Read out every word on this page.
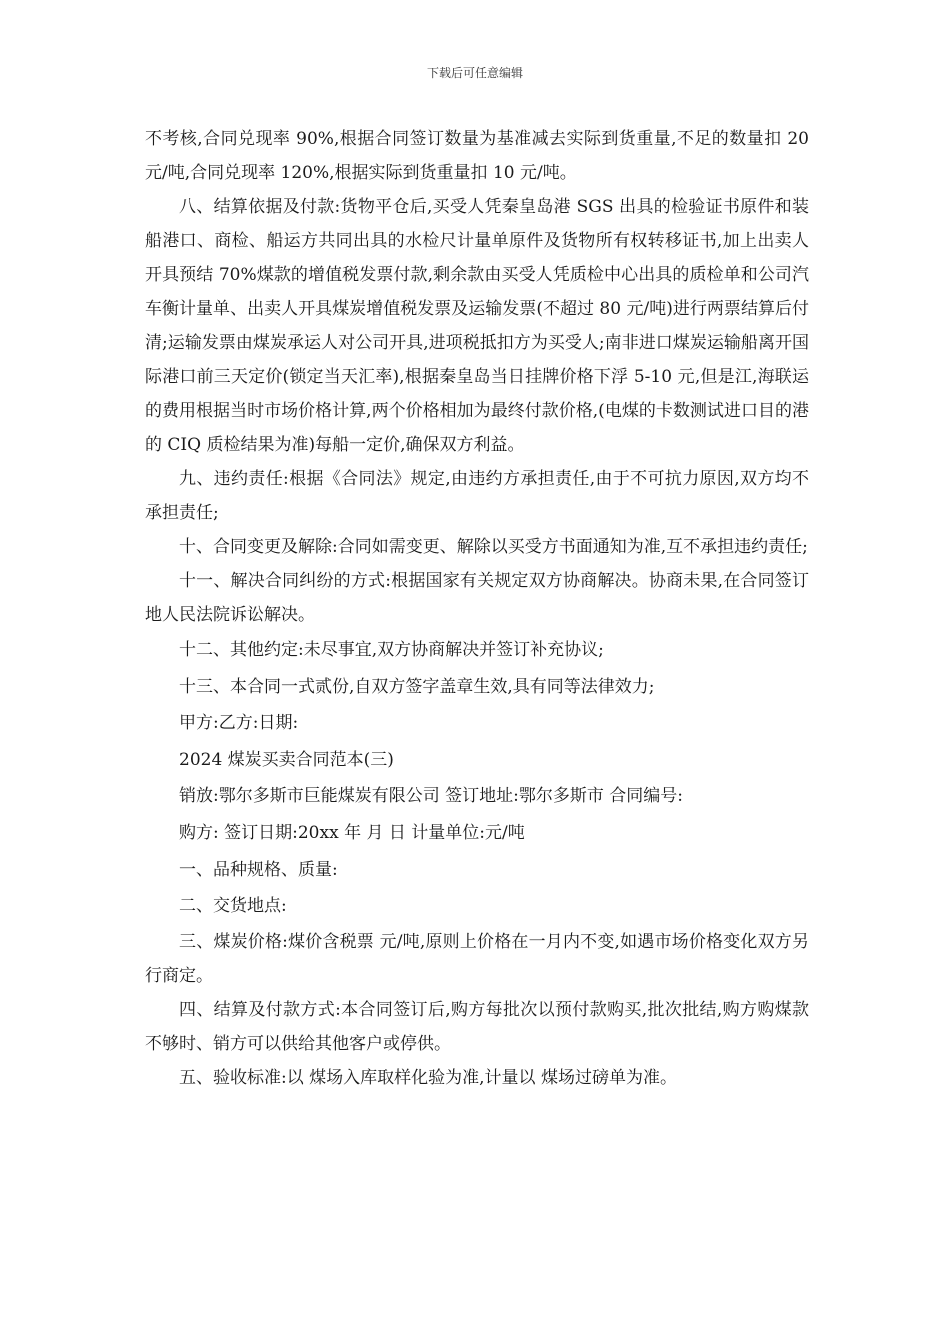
下载后可任意编辑

不考核,合同兑现率 90%,根据合同签订数量为基准减去实际到货重量,不足的数量扣 20 元/吨,合同兑现率 120%,根据实际到货重量扣 10 元/吨。

八、结算依据及付款:货物平仓后,买受人凭秦皇岛港 SGS 出具的检验证书原件和装船港口、商检、船运方共同出具的水检尺计量单原件及货物所有权转移证书,加上出卖人开具预结 70%煤款的增值税发票付款,剩余款由买受人凭质检中心出具的质检单和公司汽车衡计量单、出卖人开具煤炭增值税发票及运输发票(不超过 80 元/吨)进行两票结算后付清;运输发票由煤炭承运人对公司开具,进项税抵扣方为买受人;南非进口煤炭运输船离开国际港口前三天定价(锁定当天汇率),根据秦皇岛当日挂牌价格下浮 5-10 元,但是江,海联运的费用根据当时市场价格计算,两个价格相加为最终付款价格,(电煤的卡数测试进口目的港的 CIQ 质检结果为准)每船一定价,确保双方利益。

九、违约责任:根据《合同法》规定,由违约方承担责任,由于不可抗力原因,双方均不承担责任;

十、合同变更及解除:合同如需变更、解除以买受方书面通知为准,互不承担违约责任;

十一、解决合同纠纷的方式:根据国家有关规定双方协商解决。协商未果,在合同签订地人民法院诉讼解决。

十二、其他约定:未尽事宜,双方协商解决并签订补充协议;

十三、本合同一式贰份,自双方签字盖章生效,具有同等法律效力;

甲方:乙方:日期:

2024 煤炭买卖合同范本(三)

销放:鄂尔多斯市巨能煤炭有限公司 签订地址:鄂尔多斯市 合同编号:

购方: 签订日期:20xx 年 月 日 计量单位:元/吨

一、品种规格、质量:

二、交货地点:

三、煤炭价格:煤价含税票 元/吨,原则上价格在一月内不变,如遇市场价格变化双方另行商定。

四、结算及付款方式:本合同签订后,购方每批次以预付款购买,批次批结,购方购煤款不够时、销方可以供给其他客户或停供。

五、验收标准:以 煤场入库取样化验为准,计量以 煤场过磅单为准。
